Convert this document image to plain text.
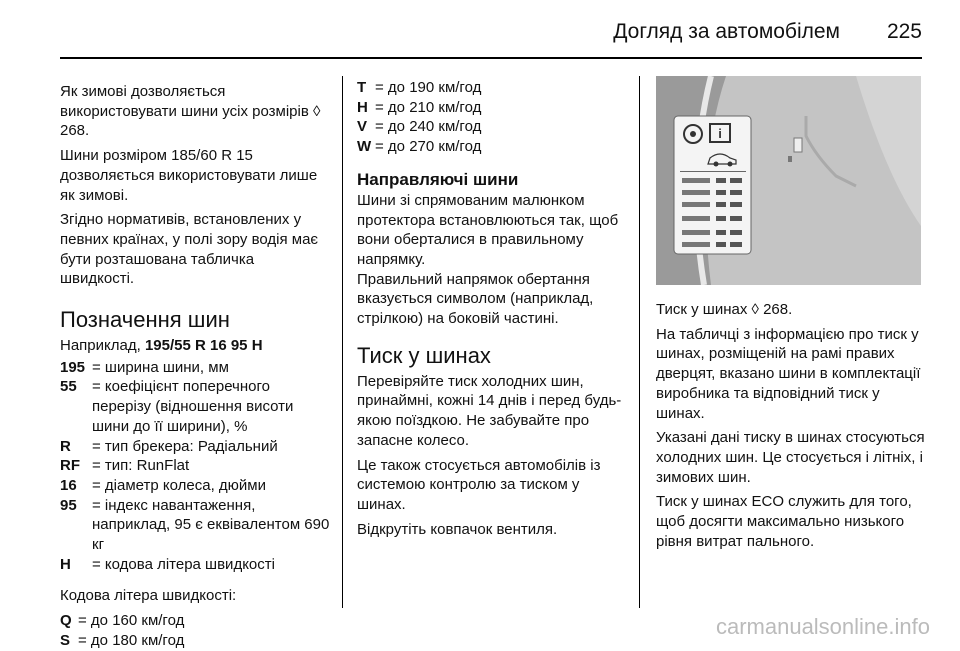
Догляд за автомобілем 225

Як зимові дозволяється використовувати шини усіх розмірів ◊ 268.

Шини розміром 185/60 R 15 дозволяється використовувати лише як зимові.

Згідно нормативів, встановлених у певних країнах, у полі зору водія має бути розташована табличка швидкості.

Позначення шин

Наприклад, 195/55 R 16 95 H

195 = ширина шини, мм
55	= коефіцієнт поперечного перерізу (відношення висоти шини до її ширини), %
R	= тип брекера: Радіальний
RF = тип: RunFlat
16	= діаметр колеса, дюйми
95	= індекс навантаження, наприклад, 95 є еквівалентом 690 кг
H	= кодова літера швидкості

Кодова літера швидкості:

Q = до 160 км/год
S = до 180 км/год
T = до 190 км/год
H = до 210 км/год
V = до 240 км/год
W = до 270 км/год
Направляючі шини

Шини зі спрямованим малюнком протектора встановлюються так, щоб вони оберталися в правильному напрямку.

Правильний напрямок обертання вказується символом (наприклад, стрілкою) на боковій частині.

Тиск у шинах

Перевіряйте тиск холодних шин, принаймні, кожні 14 днів і перед будь-якою поїздкою. Не забувайте про запасне колесо.

Це також стосується автомобілів із системою контролю за тиском у шинах.

Відкрутіть ковпачок вентиля.

i

Тиск у шинах ◊ 268.

На табличці з інформацією про тиск у шинах, розміщеній на рамі правих дверцят, вказано шини в комплектації виробника та відповідний тиск у шинах.

Указані дані тиску в шинах стосуються холодних шин. Це стосується і літніх, і зимових шин.

Тиск у шинах ECO служить для того, щоб досягти максимально низького рівня витрат пального.

carmanualsonline.info
